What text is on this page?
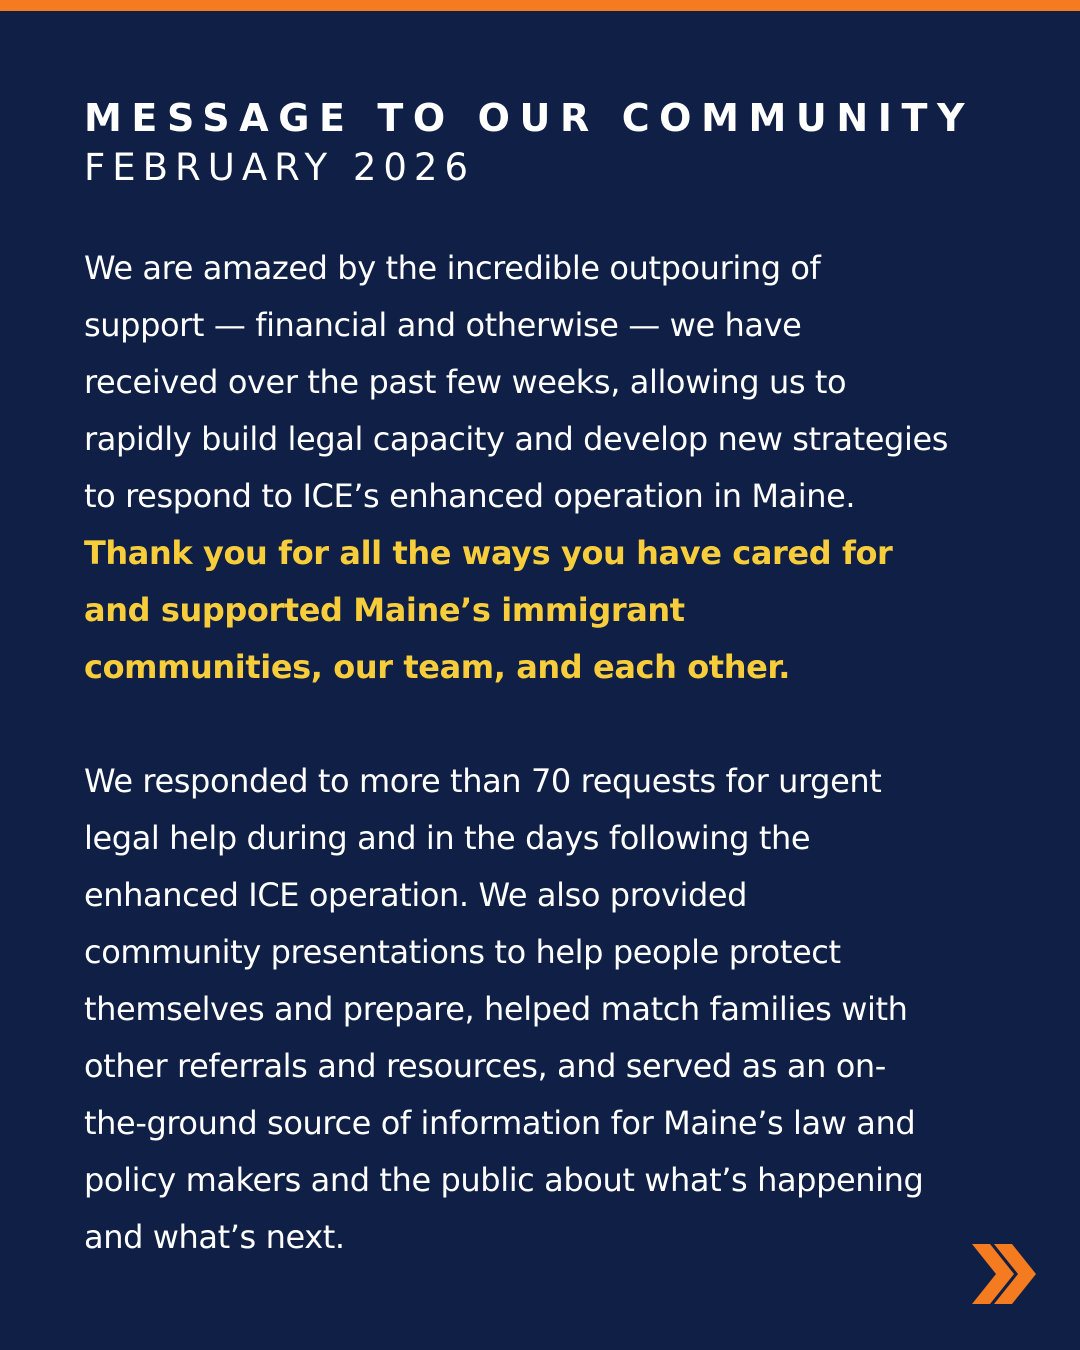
MESSAGE TO OUR COMMUNITY
FEBRUARY 2026
We are amazed by the incredible outpouring of
support — financial and otherwise — we have
received over the past few weeks, allowing us to
rapidly build legal capacity and develop new strategies
to respond to ICE’s enhanced operation in Maine.
Thank you for all the ways you have cared for
and supported Maine’s immigrant
communities, our team, and each other.
We responded to more than 70 requests for urgent
legal help during and in the days following the
enhanced ICE operation. We also provided
community presentations to help people protect
themselves and prepare, helped match families with
other referrals and resources, and served as an on-
the-ground source of information for Maine’s law and
policy makers and the public about what’s happening
and what’s next.
